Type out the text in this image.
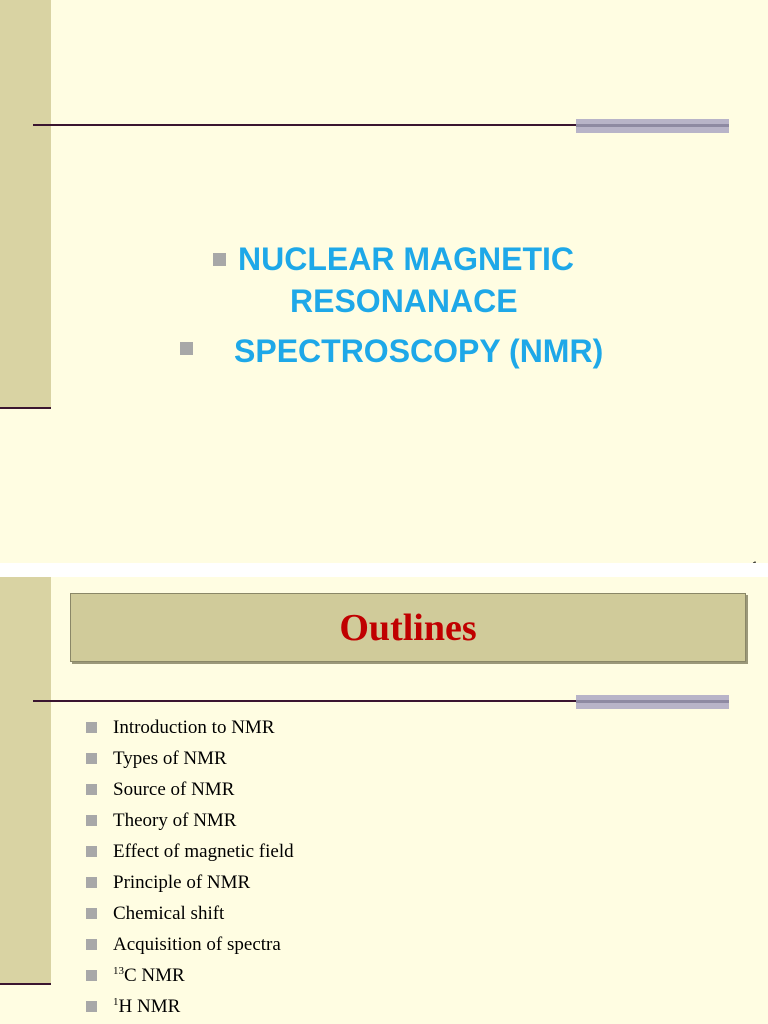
NUCLEAR MAGNETIC
RESONANACE
SPECTROSCOPY (NMR)
Outlines
Introduction to NMR
Types of NMR
Source of NMR
Theory of NMR
Effect of magnetic field
Principle of NMR
Chemical shift
Acquisition of spectra
$^{13}$C NMR
$^1$H NMR
